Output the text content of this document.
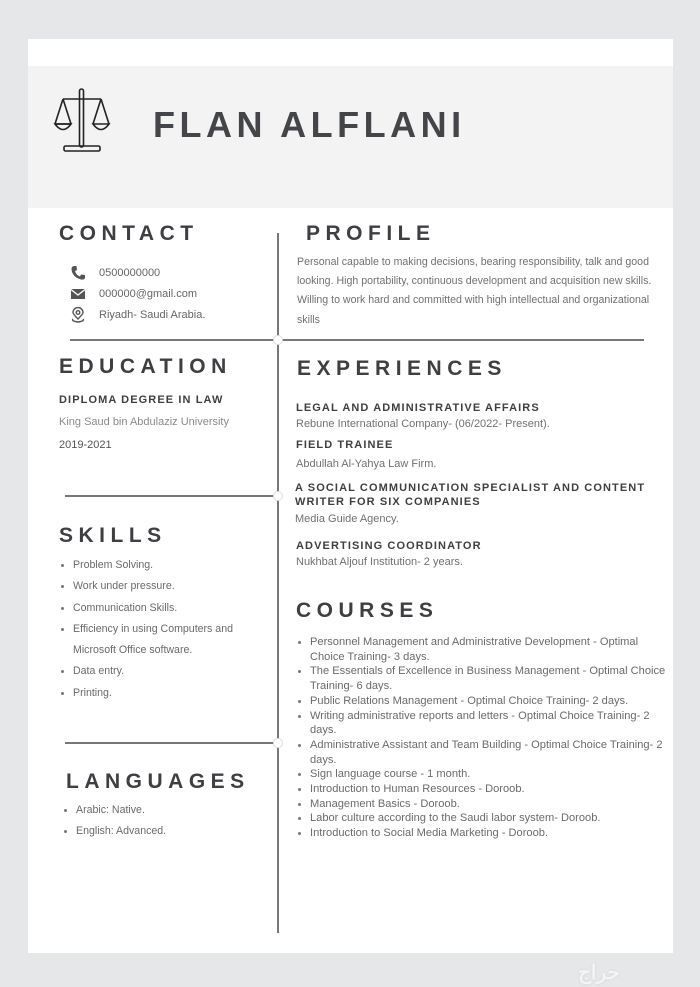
FLAN ALFLANI
CONTACT
0500000000
000000@gmail.com
Riyadh- Saudi Arabia.
PROFILE
Personal capable to making decisions, bearing responsibility, talk and good looking. High portability, continuous development and acquisition new skills. Willing to work hard and committed with high intellectual and organizational skills
EDUCATION
DIPLOMA DEGREE IN LAW
King Saud bin Abdulaziz University
2019-2021
EXPERIENCES
LEGAL AND ADMINISTRATIVE AFFAIRS
Rebune International Company- (06/2022- Present).
FIELD TRAINEE
Abdullah Al-Yahya Law Firm.
A SOCIAL COMMUNICATION SPECIALIST AND CONTENT WRITER FOR SIX COMPANIES
Media Guide Agency.
ADVERTISING COORDINATOR
Nukhbat Aljouf Institution- 2 years.
SKILLS
Problem Solving.
Work under pressure.
Communication Skills.
Efficiency in using Computers and Microsoft Office software.
Data entry.
Printing.
COURSES
Personnel Management and Administrative Development - Optimal Choice Training- 3 days.
The Essentials of Excellence in Business Management - Optimal Choice Training- 6 days.
Public Relations Management - Optimal Choice Training- 2 days.
Writing administrative reports and letters - Optimal Choice Training- 2 days.
Administrative Assistant and Team Building - Optimal Choice Training- 2 days.
Sign language course - 1 month.
Introduction to Human Resources - Doroob.
Management Basics - Doroob.
Labor culture according to the Saudi labor system- Doroob.
Introduction to Social Media Marketing - Doroob.
LANGUAGES
Arabic: Native.
English: Advanced.
حراج
